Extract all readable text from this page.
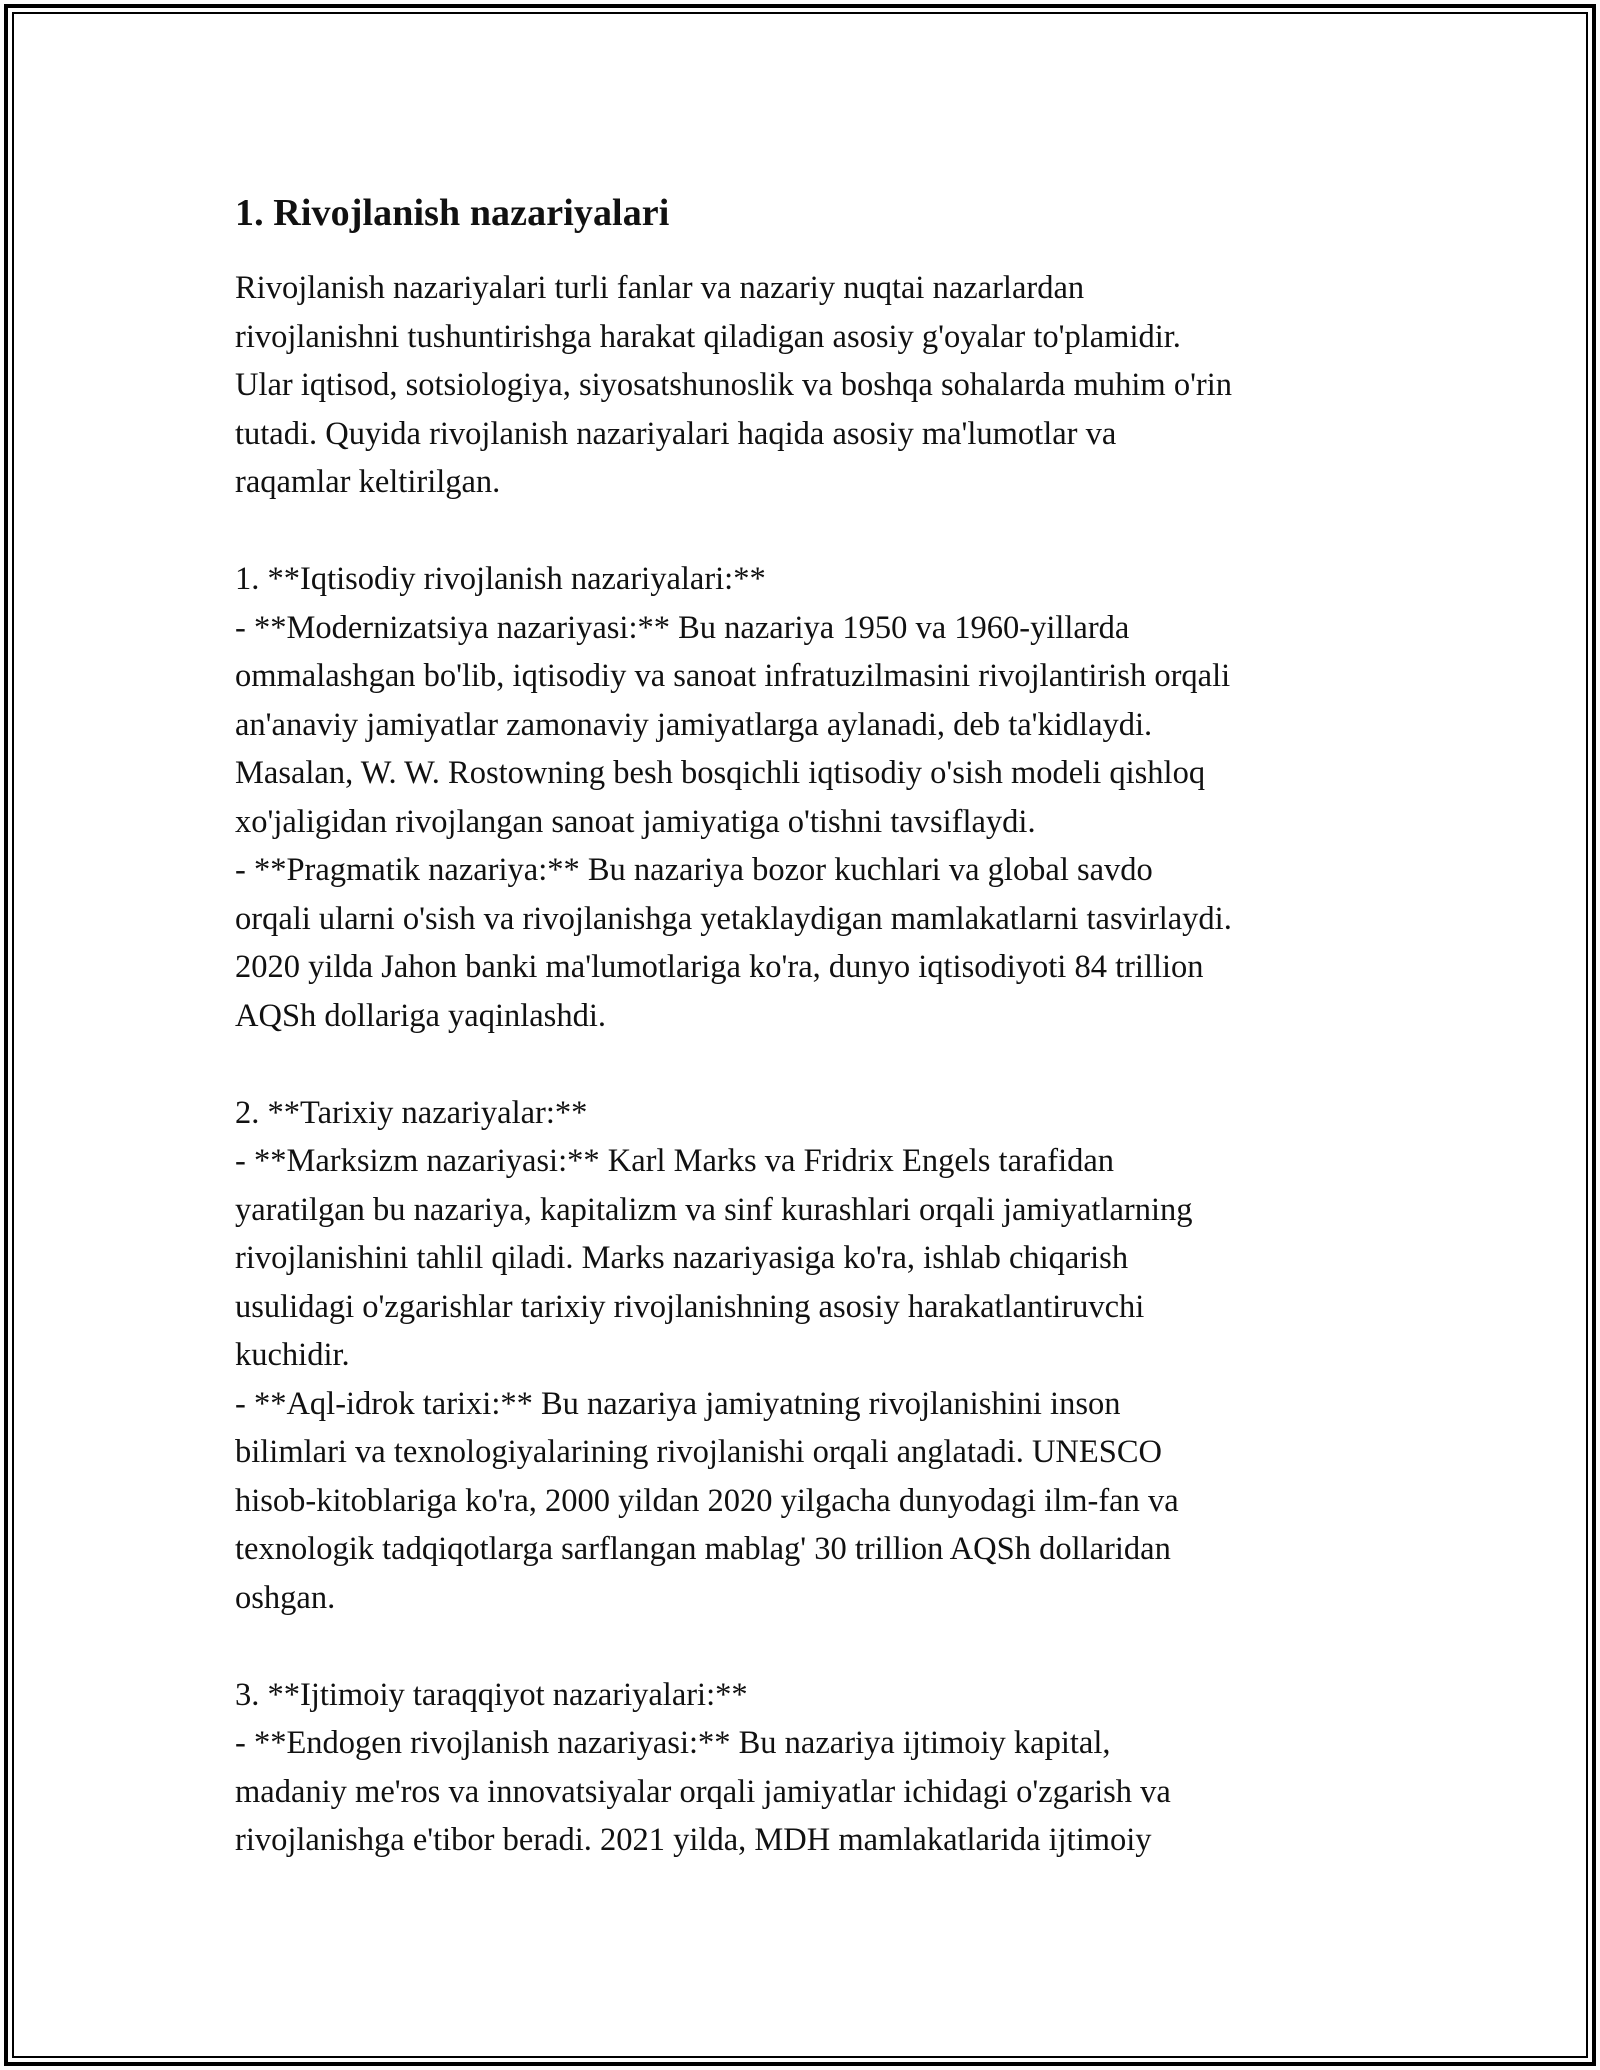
1. Rivojlanish nazariyalari

Rivojlanish nazariyalari turli fanlar va nazariy nuqtai nazarlardan
rivojlanishni tushuntirishga harakat qiladigan asosiy g'oyalar to'plamidir.
Ular iqtisod, sotsiologiya, siyosatshunoslik va boshqa sohalarda muhim o'rin
tutadi. Quyida rivojlanish nazariyalari haqida asosiy ma'lumotlar va
raqamlar keltirilgan.

1. **Iqtisodiy rivojlanish nazariyalari:**
- **Modernizatsiya nazariyasi:** Bu nazariya 1950 va 1960-yillarda
ommalashgan bo'lib, iqtisodiy va sanoat infratuzilmasini rivojlantirish orqali
an'anaviy jamiyatlar zamonaviy jamiyatlarga aylanadi, deb ta'kidlaydi.
Masalan, W. W. Rostowning besh bosqichli iqtisodiy o'sish modeli qishloq
xo'jaligidan rivojlangan sanoat jamiyatiga o'tishni tavsiflaydi.
- **Pragmatik nazariya:** Bu nazariya bozor kuchlari va global savdo
orqali ularni o'sish va rivojlanishga yetaklaydigan mamlakatlarni tasvirlaydi.
2020 yilda Jahon banki ma'lumotlariga ko'ra, dunyo iqtisodiyoti 84 trillion
AQSh dollariga yaqinlashdi.

2. **Tarixiy nazariyalar:**
- **Marksizm nazariyasi:** Karl Marks va Fridrix Engels tarafidan
yaratilgan bu nazariya, kapitalizm va sinf kurashlari orqali jamiyatlarning
rivojlanishini tahlil qiladi. Marks nazariyasiga ko'ra, ishlab chiqarish
usulidagi o'zgarishlar tarixiy rivojlanishning asosiy harakatlantiruvchi
kuchidir.
- **Aql-idrok tarixi:** Bu nazariya jamiyatning rivojlanishini inson
bilimlari va texnologiyalarining rivojlanishi orqali anglatadi. UNESCO
hisob-kitoblariga ko'ra, 2000 yildan 2020 yilgacha dunyodagi ilm-fan va
texnologik tadqiqotlarga sarflangan mablag' 30 trillion AQSh dollaridan
oshgan.

3. **Ijtimoiy taraqqiyot nazariyalari:**
- **Endogen rivojlanish nazariyasi:** Bu nazariya ijtimoiy kapital,
madaniy me'ros va innovatsiyalar orqali jamiyatlar ichidagi o'zgarish va
rivojlanishga e'tibor beradi. 2021 yilda, MDH mamlakatlarida ijtimoiy
